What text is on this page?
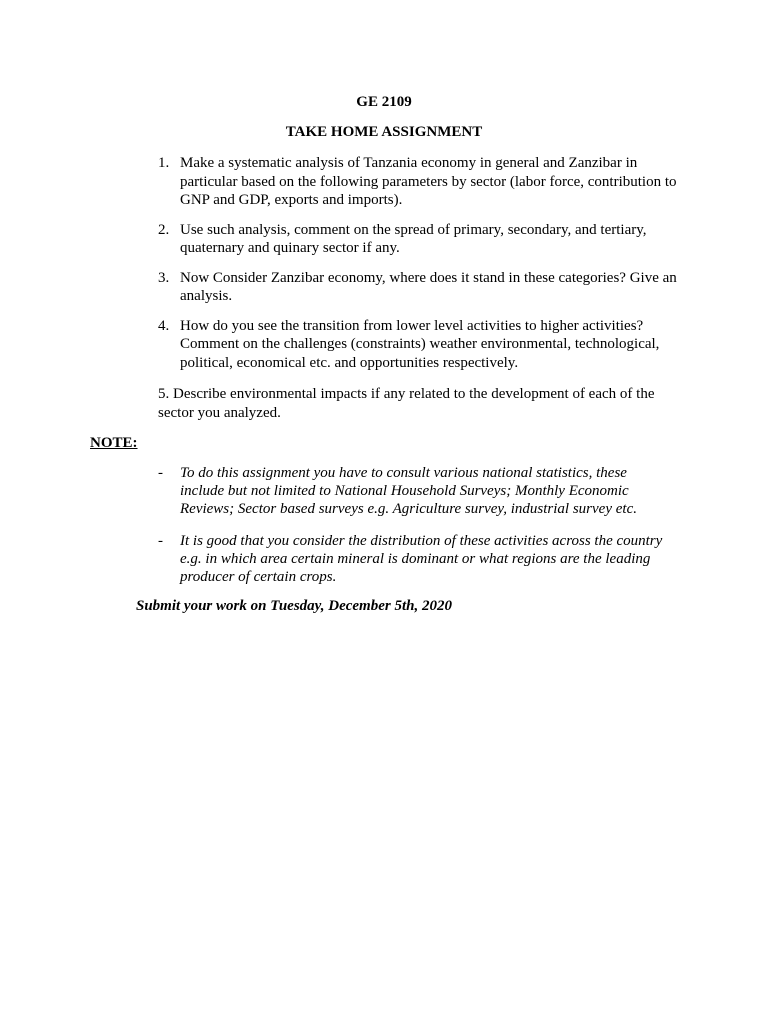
GE 2109
TAKE HOME ASSIGNMENT
1. Make a systematic analysis of Tanzania economy in general and Zanzibar in particular based on the following parameters by sector (labor force, contribution to GNP and GDP, exports and imports).
2. Use such analysis, comment on the spread of primary, secondary, and tertiary, quaternary and quinary sector if any.
3. Now Consider Zanzibar economy, where does it stand in these categories? Give an analysis.
4. How do you see the transition from lower level activities to higher activities? Comment on the challenges (constraints) weather environmental, technological, political, economical etc. and opportunities respectively.
5. Describe environmental impacts if any related to the development of each of the sector you analyzed.
NOTE:
-	To do this assignment you have to consult various national statistics, these include but not limited to National Household Surveys; Monthly Economic Reviews; Sector based surveys e.g. Agriculture survey, industrial survey etc.
-	It is good that you consider the distribution of these activities across the country e.g. in which area certain mineral is dominant or what regions are the leading producer of certain crops.
Submit your work on Tuesday, December 5th, 2020
